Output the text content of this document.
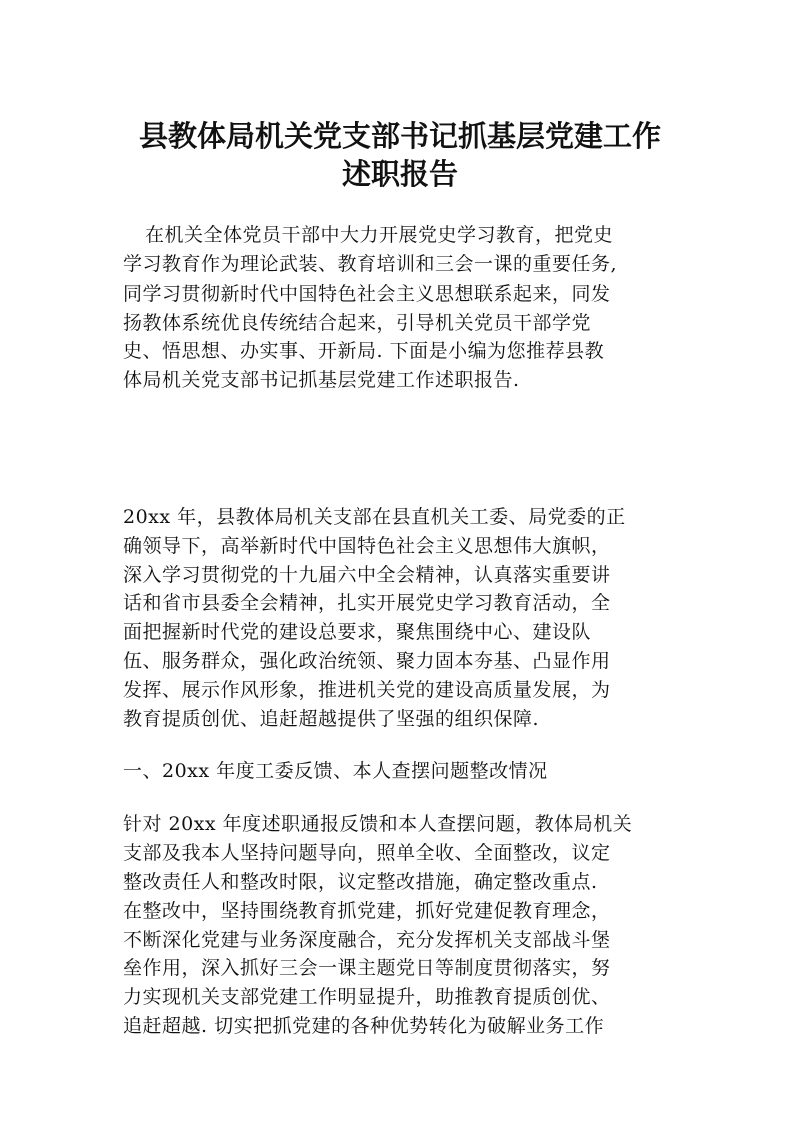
县教体局机关党支部书记抓基层党建工作
述职报告
在机关全体党员干部中大力开展党史学习教育，把党史
学习教育作为理论武装、教育培训和三会一课的重要任务,
同学习贯彻新时代中国特色社会主义思想联系起来，同发
扬教体系统优良传统结合起来，引导机关党员干部学党
史、悟思想、办实事、开新局. 下面是小编为您推荐县教
体局机关党支部书记抓基层党建工作述职报告.
20xx 年，县教体局机关支部在县直机关工委、局党委的正
确领导下，高举新时代中国特色社会主义思想伟大旗帜，
深入学习贯彻党的十九届六中全会精神，认真落实重要讲
话和省市县委全会精神，扎实开展党史学习教育活动，全
面把握新时代党的建设总要求，聚焦围绕中心、建设队
伍、服务群众，强化政治统领、聚力固本夯基、凸显作用
发挥、展示作风形象，推进机关党的建设高质量发展，为
教育提质创优、追赶超越提供了坚强的组织保障.
一、20xx 年度工委反馈、本人查摆问题整改情况
针对 20xx 年度述职通报反馈和本人查摆问题，教体局机关
支部及我本人坚持问题导向，照单全收、全面整改，议定
整改责任人和整改时限，议定整改措施，确定整改重点.
在整改中，坚持围绕教育抓党建，抓好党建促教育理念，
不断深化党建与业务深度融合，充分发挥机关支部战斗堡
垒作用，深入抓好三会一课主题党日等制度贯彻落实，努
力实现机关支部党建工作明显提升，助推教育提质创优、
追赶超越. 切实把抓党建的各种优势转化为破解业务工作
